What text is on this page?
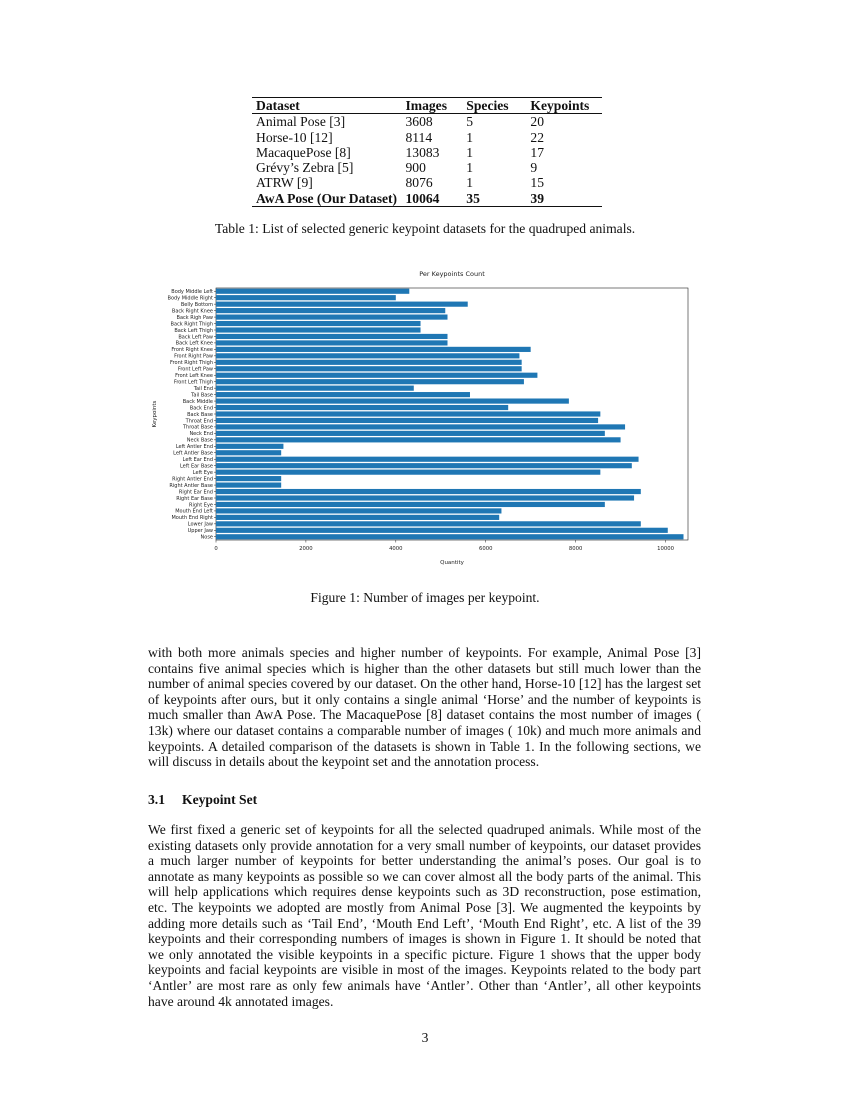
Dataset	Images	Species	Keypoints
Animal Pose [3]	3608	5	20
Horse-10 [12]	8114	1	22
MacaquePose [8]	13083	1	17
Grévy’s Zebra [5]	900	1	9
ATRW [9]	8076	1	15
AwA Pose (Our Dataset)	10064	35	39
Table 1: List of selected generic keypoint datasets for the quadruped animals.
Per Keypoints Count
Body Middle Left
Body Middle Right
Belly Bottom
Back Right Knee
Back Righ Paw
Back Right Thigh
Back Left Thigh
Back Left Paw
Back Left Knee
Front Right Knee
Front Right Paw
Front Right Thigh
Front Left Paw
Front Left Knee
Front Left Thigh
Tail End
Tail Base
Back Middle
Back End
Back Base
Throat End
Throat Base
Neck End
Neck Base
Left Antler End
Left Antler Base
Left Ear End
Left Ear Base
Left Eye
Right Antler End
Right Antler Base
Right Ear End
Right Ear Base
Right Eye
Mouth End Left
Mouth End Right
Lower Jaw
Upper Jaw
Nose
0	2000	4000	6000	8000	10000
Quantity
Keypoints
Figure 1: Number of images per keypoint.

with both more animals species and higher number of keypoints. For example, Animal Pose [3] contains five animal species which is higher than the other datasets but still much lower than the number of animal species covered by our dataset. On the other hand, Horse-10 [12] has the largest set of keypoints after ours, but it only contains a single animal ‘Horse’ and the number of keypoints is much smaller than AwA Pose. The MacaquePose [8] dataset contains the most number of images ( 13k) where our dataset contains a comparable number of images ( 10k) and much more animals and keypoints. A detailed comparison of the datasets is shown in Table 1. In the following sections, we will discuss in details about the keypoint set and the annotation process.

3.1 Keypoint Set

We first fixed a generic set of keypoints for all the selected quadruped animals. While most of the existing datasets only provide annotation for a very small number of keypoints, our dataset provides a much larger number of keypoints for better understanding the animal’s poses. Our goal is to annotate as many keypoints as possible so we can cover almost all the body parts of the animal. This will help applications which requires dense keypoints such as 3D reconstruction, pose estimation, etc. The keypoints we adopted are mostly from Animal Pose [3]. We augmented the keypoints by adding more details such as ‘Tail End’, ‘Mouth End Left’, ‘Mouth End Right’, etc. A list of the 39 keypoints and their corresponding numbers of images is shown in Figure 1. It should be noted that we only annotated the visible keypoints in a specific picture. Figure 1 shows that the upper body keypoints and facial keypoints are visible in most of the images. Keypoints related to the body part ‘Antler’ are most rare as only few animals have ‘Antler’. Other than ‘Antler’, all other keypoints have around 4k annotated images.

3
